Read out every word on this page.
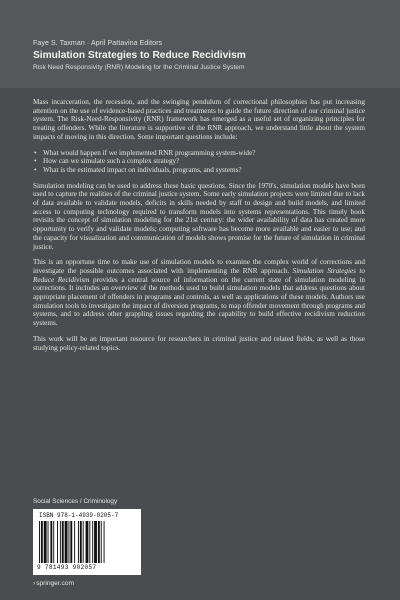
Faye S. Taxman · April Pattavina Editors
Simulation Strategies to Reduce Recidivism
Risk Need Responsivity (RNR) Modeling for the Criminal Justice System

Mass incarceration, the recession, and the swinging pendulum of correctional philosophies has put increasing attention on the use of evidence-based practices and treatments to guide the future direction of our criminal justice system. The Risk-Need-Responsivity (RNR) framework has emerged as a useful set of organizing principles for treating offenders. While the literature is supportive of the RNR approach, we understand little about the system impacts of moving in this direction. Some important questions include:

• What would happen if we implemented RNR programming system-wide?
• How can we simulate such a complex strategy?
• What is the estimated impact on individuals, programs, and systems?

Simulation modeling can be used to address these basic questions. Since the 1970's, simulation models have been used to capture the realities of the criminal justice system. Some early simulation projects were limited due to lack of data available to validate models, deficits in skills needed by staff to design and build models, and limited access to computing technology required to transform models into systems representations. This timely book revisits the concept of simulation modeling for the 21st century: the wider availability of data has created more opportunity to verify and validate models; computing software has become more available and easier to use; and the capacity for visualization and communication of models shows promise for the future of simulation in criminal justice.

This is an opportune time to make use of simulation models to examine the complex world of corrections and investigate the possible outcomes associated with implementing the RNR approach. Simulation Strategies to Reduce Recidivism provides a central source of information on the current state of simulation modeling in corrections. It includes an overview of the methods used to build simulation models that address questions about appropriate placement of offenders in programs and controls, as well as applications of these models. Authors use simulation tools to investigate the impact of diversion programs, to map offender movement through programs and systems, and to address other grappling issues regarding the capability to build effective recidivism reduction systems.

This work will be an important resource for researchers in criminal justice and related fields, as well as those studying policy-related topics.

Social Sciences / Criminology
ISBN 978-1-4939-0205-7
9 781493 902057
›springer.com
